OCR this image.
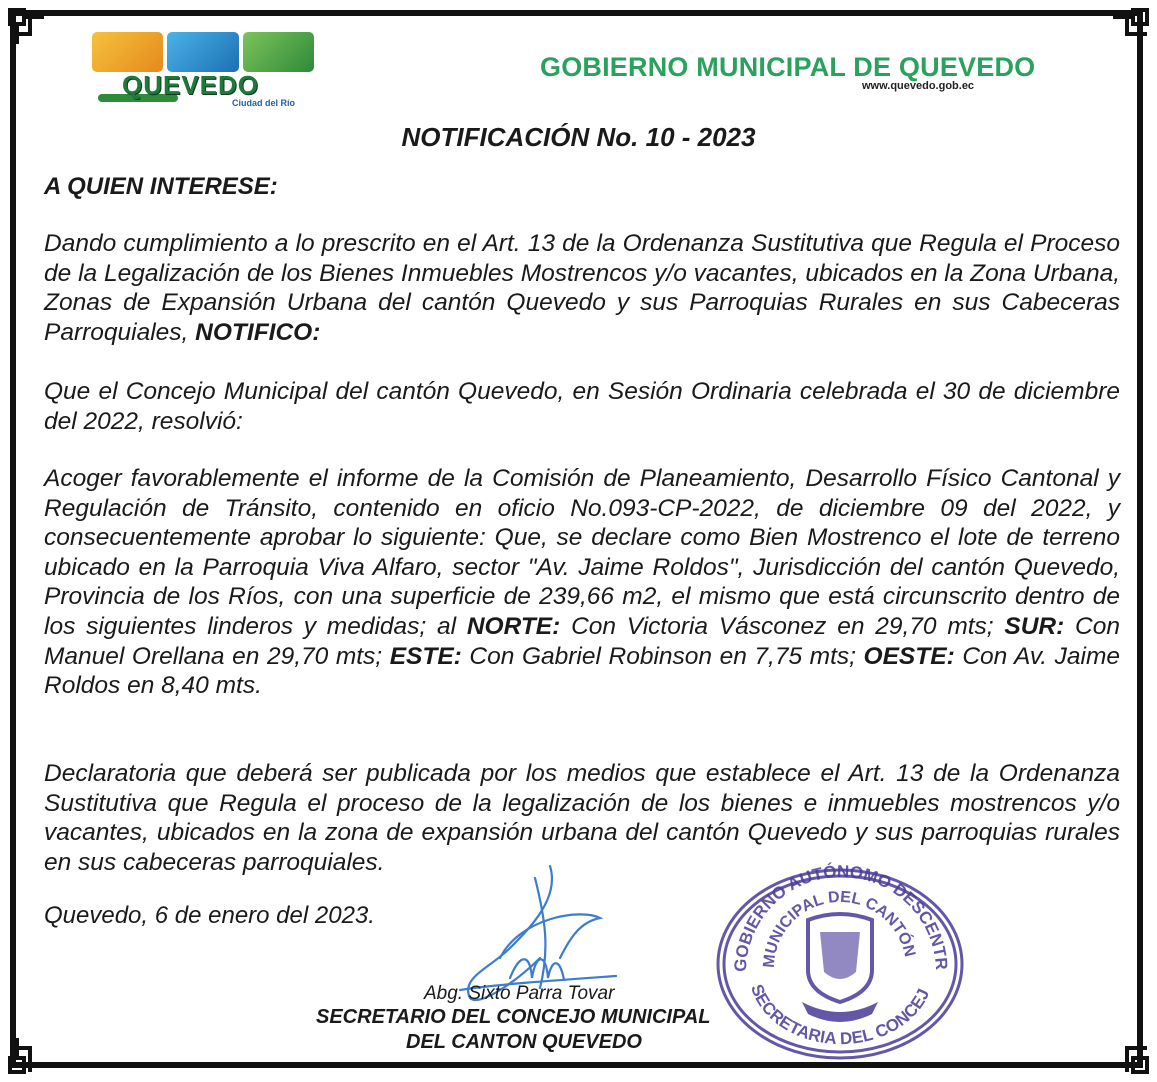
QUEVEDO
Ciudad del Río
GOBIERNO MUNICIPAL DE QUEVEDO
www.quevedo.gob.ec
NOTIFICACIÓN No. 10 - 2023
A QUIEN INTERESE:
Dando cumplimiento a lo prescrito en el Art. 13 de la Ordenanza Sustitutiva que Regula el Proceso de la Legalización de los Bienes Inmuebles Mostrencos y/o vacantes, ubicados en la Zona Urbana, Zonas de Expansión Urbana del cantón Quevedo y sus Parroquias Rurales en sus Cabeceras Parroquiales, NOTIFICO:
Que el Concejo Municipal del cantón Quevedo, en Sesión Ordinaria celebrada el 30 de diciembre del 2022, resolvió:
Acoger favorablemente el informe de la Comisión de Planeamiento, Desarrollo Físico Cantonal y Regulación de Tránsito, contenido en oficio No.093-CP-2022, de diciembre 09 del 2022, y consecuentemente aprobar lo siguiente: Que, se declare como Bien Mostrenco el lote de terreno ubicado en la Parroquia Viva Alfaro, sector "Av. Jaime Roldos", Jurisdicción del cantón Quevedo, Provincia de los Ríos, con una superficie de 239,66 m2, el mismo que está circunscrito dentro de los siguientes linderos y medidas; al NORTE: Con Victoria Vásconez en 29,70 mts; SUR: Con Manuel Orellana en 29,70 mts; ESTE: Con Gabriel Robinson en 7,75 mts; OESTE: Con Av. Jaime Roldos en 8,40 mts.
Declaratoria que deberá ser publicada por los medios que establece el Art. 13 de la Ordenanza Sustitutiva que Regula el proceso de la legalización de los bienes e inmuebles mostrencos y/o vacantes, ubicados en la zona de expansión urbana del cantón Quevedo y sus parroquias rurales en sus cabeceras parroquiales.
Quevedo, 6 de enero del 2023.
GOBIERNO AUTÓNOMO DESCENTR
MUNICIPAL DEL CANTÓN
SECRETARIA DEL CONCEJ
Abg. Sixto Parra Tovar
SECRETARIO DEL CONCEJO MUNICIPAL
DEL CANTON QUEVEDO
